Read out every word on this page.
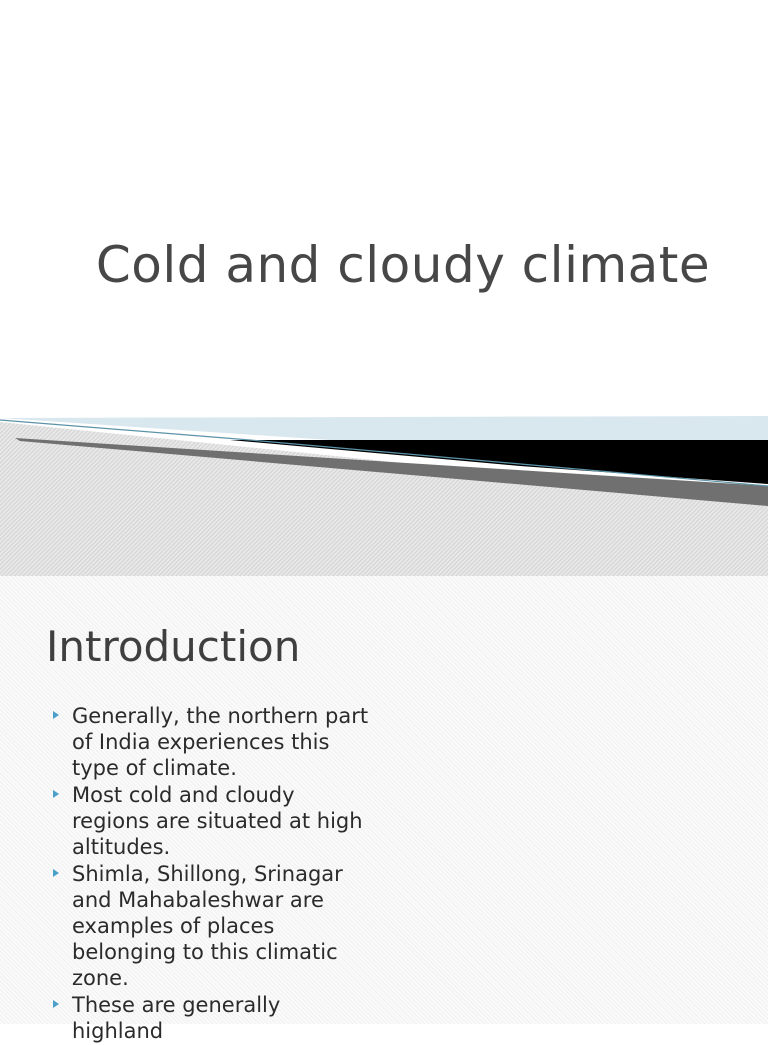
Cold and cloudy climate
Introduction
Generally, the northern part of India experiences this type of climate.
Most cold and cloudy regions are situated at high altitudes.
Shimla, Shillong, Srinagar and Mahabaleshwar are examples of places belonging to this climatic zone.
These are generally highland
